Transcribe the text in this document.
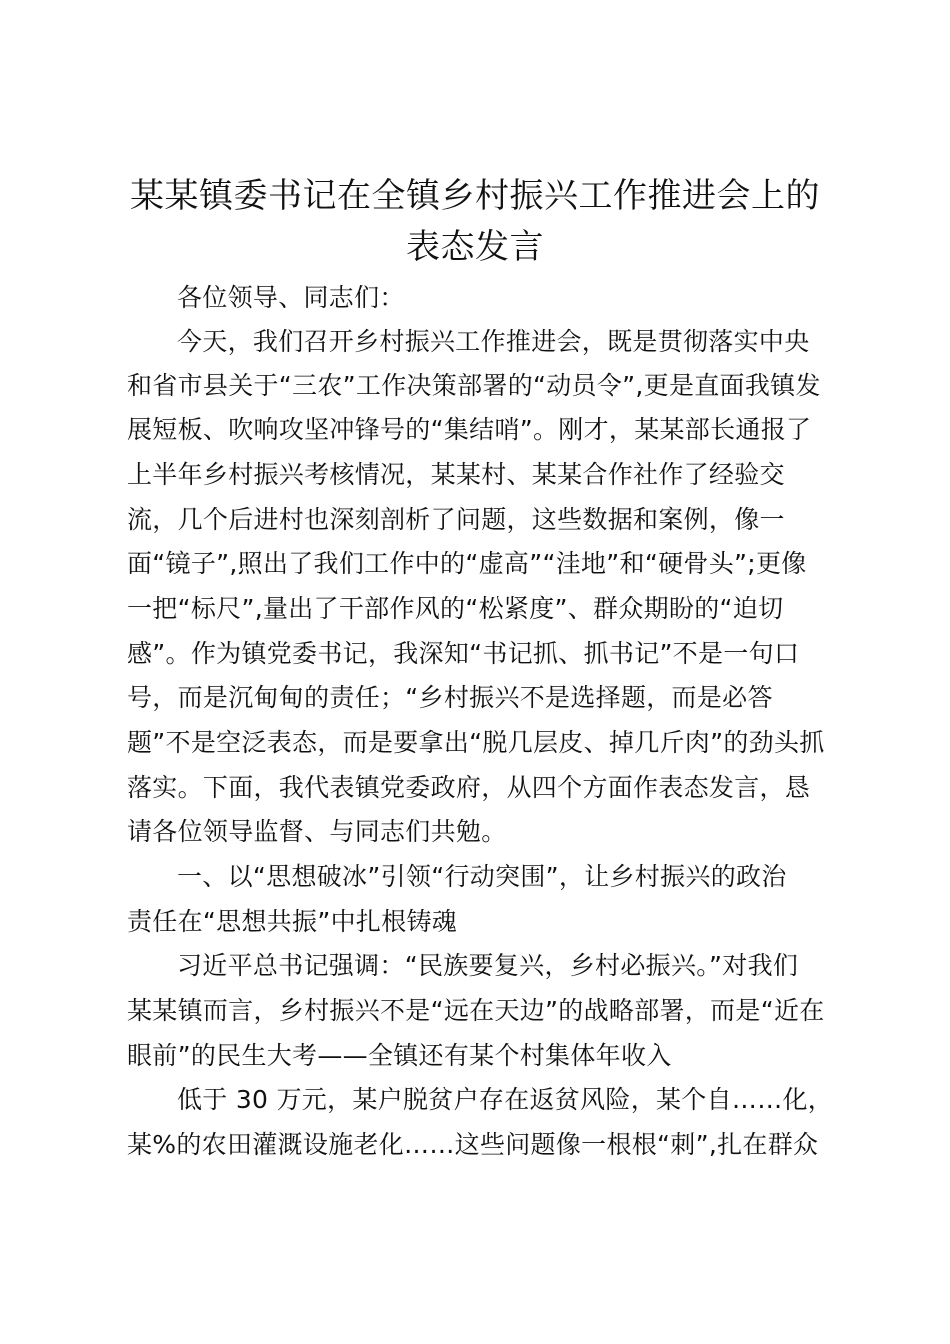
某某镇委书记在全镇乡村振兴工作推进会上的
表态发言
各位领导、同志们：
今天，我们召开乡村振兴工作推进会，既是贯彻落实中央
和省市县关于“三农”工作决策部署的“动员令”,更是直面我镇发
展短板、吹响攻坚冲锋号的“集结哨”。刚才，某某部长通报了
上半年乡村振兴考核情况，某某村、某某合作社作了经验交
流，几个后进村也深刻剖析了问题，这些数据和案例，像一
面“镜子”,照出了我们工作中的“虚高”“洼地”和“硬骨头”;更像
一把“标尺”,量出了干部作风的“松紧度”、群众期盼的“迫切
感”。作为镇党委书记，我深知“书记抓、抓书记”不是一句口
号，而是沉甸甸的责任；“乡村振兴不是选择题，而是必答
题”不是空泛表态，而是要拿出“脱几层皮、掉几斤肉”的劲头抓
落实。下面，我代表镇党委政府，从四个方面作表态发言，恳
请各位领导监督、与同志们共勉。
一、以“思想破冰”引领“行动突围”，让乡村振兴的政治
责任在“思想共振”中扎根铸魂
习近平总书记强调：“民族要复兴，乡村必振兴。”对我们
某某镇而言，乡村振兴不是“远在天边”的战略部署，而是“近在
眼前”的民生大考——全镇还有某个村集体年收入
低于 30 万元，某户脱贫户存在返贫风险，某个自……化，
某%的农田灌溉设施老化……这些问题像一根根“刺”,扎在群众
